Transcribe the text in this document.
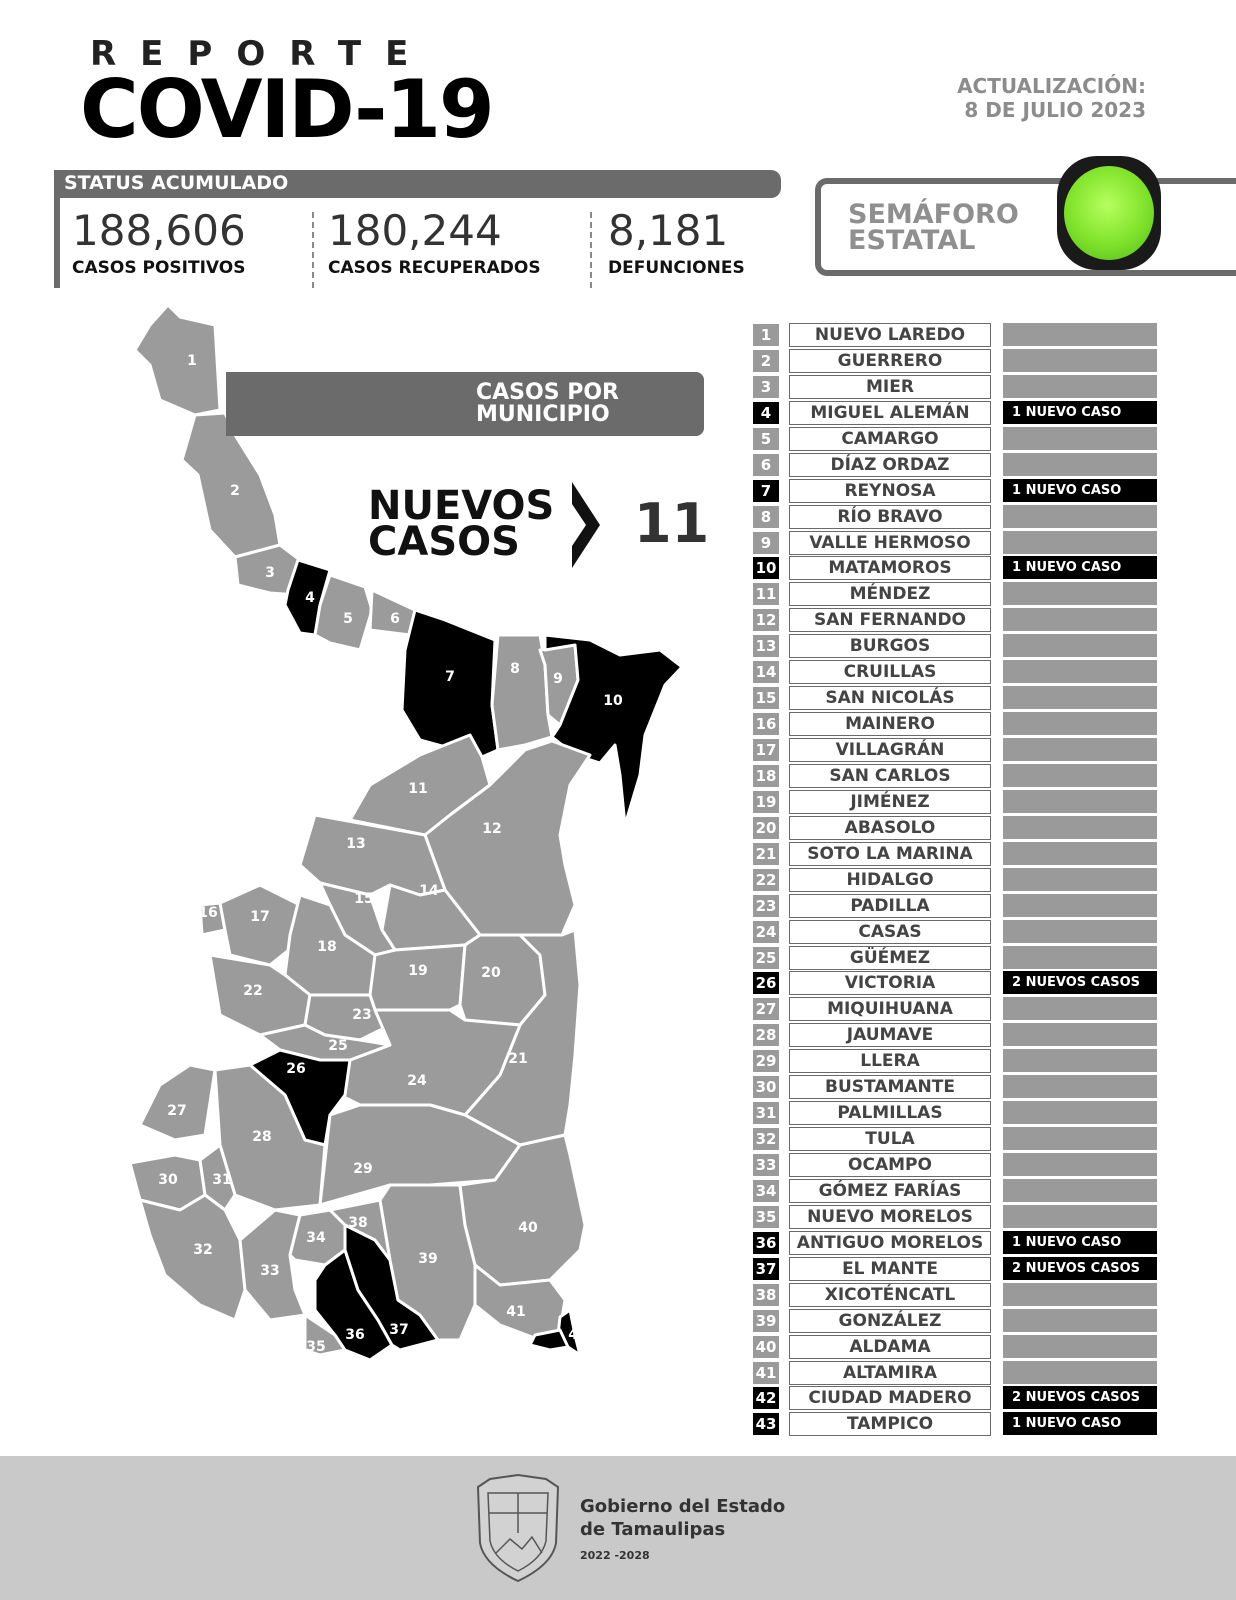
REPORTE
COVID-19	ACTUALIZACIÓN:
8 DE JULIO 2023
STATUS ACUMULADO
188,606
CASOS POSITIVOS
180,244
CASOS RECUPERADOS
8,181
DEFUNCIONES
SEMÁFORO
ESTATAL
1
2
3
4
5	6
7	8
9
10
11
12
13
14
15
16 17
18
19	20
21
22
23
24
25
26
27
28
29
30 31
32
33
34
35
36 37
38
39
40
41
42
43
CASOS POR
MUNICIPIO
NUEVOS
CASOS	11
1	NUEVO LAREDO
2	GUERRERO
3	MIER
4	MIGUEL ALEMÁN	1 NUEVO CASO
5	CAMARGO
6	DÍAZ ORDAZ
7	REYNOSA	1 NUEVO CASO
8	RÍO BRAVO
9	VALLE HERMOSO
10	MATAMOROS	1 NUEVO CASO
11	MÉNDEZ
12	SAN FERNANDO
13	BURGOS
14	CRUILLAS
15	SAN NICOLÁS
16	MAINERO
17	VILLAGRÁN
18	SAN CARLOS
19	JIMÉNEZ
20	ABASOLO
21	SOTO LA MARINA
22	HIDALGO
23	PADILLA
24	CASAS
25	GÜÉMEZ
26	VICTORIA	2 NUEVOS CASOS
27	MIQUIHUANA
28	JAUMAVE
29	LLERA
30	BUSTAMANTE
31	PALMILLAS
32	TULA
33	OCAMPO
34	GÓMEZ FARÍAS
35	NUEVO MORELOS
36	ANTIGUO MORELOS	1 NUEVO CASO
37	EL MANTE	2 NUEVOS CASOS
38	XICOTÉNCATL
39	GONZÁLEZ
40	ALDAMA
41	ALTAMIRA
42	CIUDAD MADERO	2 NUEVOS CASOS
43	TAMPICO	1 NUEVO CASO
Gobierno del Estado
de Tamaulipas
2022 -2028
